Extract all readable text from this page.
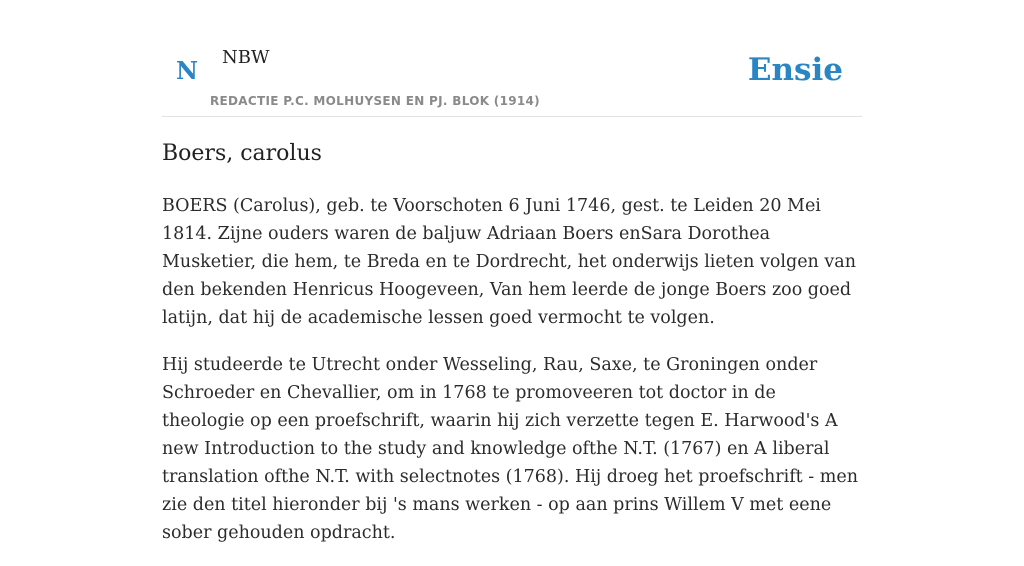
N NBW
REDACTIE P.C. MOLHUYSEN EN PJ. BLOK (1914)
Ensie
Boers, carolus

BOERS (Carolus), geb. te Voorschoten 6 Juni 1746, gest. te Leiden 20 Mei 1814. Zijne ouders waren de baljuw Adriaan Boers enSara Dorothea Musketier, die hem, te Breda en te Dordrecht, het onderwijs lieten volgen van den bekenden Henricus Hoogeveen, Van hem leerde de jonge Boers zoo goed latijn, dat hij de academische lessen goed vermocht te volgen.

Hij studeerde te Utrecht onder Wesseling, Rau, Saxe, te Groningen onder Schroeder en Chevallier, om in 1768 te promoveeren tot doctor in de theologie op een proefschrift, waarin hij zich verzette tegen E. Harwood's A new Introduction to the study and knowledge ofthe N.T. (1767) en A liberal translation ofthe N.T. with selectnotes (1768). Hij droeg het proefschrift - men zie den titel hieronder bij 's mans werken - op aan prins Willem V met eene sober gehouden opdracht.
